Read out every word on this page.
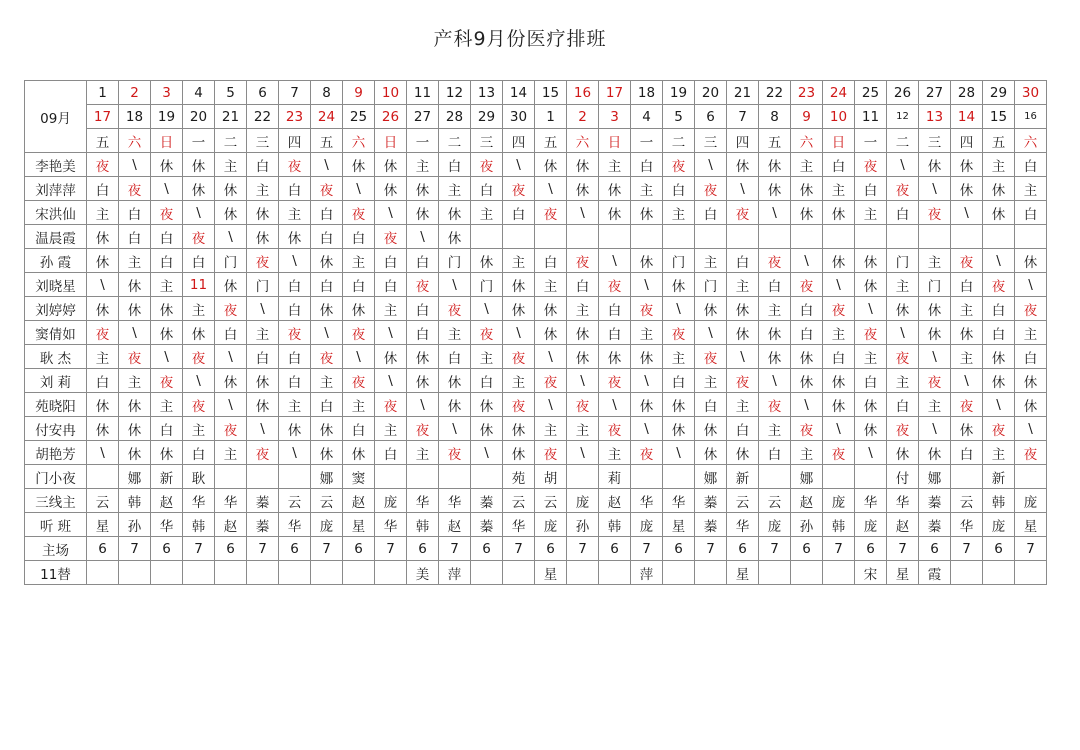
产科9月份医疗排班
09月	1	2	3	4	5	6	7	8	9	10	11	12	13	14	15	16	17	18	19	20	21	22	23	24	25	26	27	28	29	30
	17	18	19	20	21	22	23	24	25	26	27	28	29	30	1	2	3	4	5	6	7	8	9	10	11	12	13	14	15	16
	五	六	日	一	二	三	四	五	六	日	一	二	三	四	五	六	日	一	二	三	四	五	六	日	一	二	三	四	五	六
李艳美	夜	\	休	休	主	白	夜	\	休	休	主	白	夜	\	休	休	主	白	夜	\	休	休	主	白	夜	\	休	休	主	白
刘萍萍	白	夜	\	休	休	主	白	夜	\	休	休	主	白	夜	\	休	休	主	白	夜	\	休	休	主	白	夜	\	休	休	主
宋洪仙	主	白	夜	\	休	休	主	白	夜	\	休	休	主	白	夜	\	休	休	主	白	夜	\	休	休	主	白	夜	\	休	白
温晨霞	休	白	白	夜	\	休	休	白	白	夜	\	休																		
孙 霞	休	主	白	白	门	夜	\	休	主	白	白	门	休	主	白	夜	\	休	门	主	白	夜	\	休	休	门	主	夜	\	休
刘晓星	\	休	主	11	休	门	白	白	白	白	夜	\	门	休	主	白	夜	\	休	门	主	白	夜	\	休	主	门	白	夜	\
刘婷婷	休	休	休	主	夜	\	白	休	休	主	白	夜	\	休	休	主	白	夜	\	休	休	主	白	夜	\	休	休	主	白	夜
窦倩如	夜	\	休	休	白	主	夜	\	夜	\	白	主	夜	\	休	休	白	主	夜	\	休	休	白	主	夜	\	休	休	白	主
耿 杰	主	夜	\	夜	\	白	白	夜	\	休	休	白	主	夜	\	休	休	休	主	夜	\	休	休	白	主	夜	\	主	休	白
刘 莉	白	主	夜	\	休	休	白	主	夜	\	休	休	白	主	夜	\	夜	\	白	主	夜	\	休	休	白	主	夜	\	休	休
苑晓阳	休	休	主	夜	\	休	主	白	主	夜	\	休	休	夜	\	夜	\	休	休	白	主	夜	\	休	休	白	主	夜	\	休
付安冉	休	休	白	主	夜	\	休	休	白	主	夜	\	休	休	主	主	夜	\	休	休	白	主	夜	\	休	夜	\	休	夜	\
胡艳芳	\	休	休	白	主	夜	\	休	休	白	主	夜	\	休	夜	\	主	夜	\	休	休	白	主	夜	\	休	休	白	主	夜
门小夜		娜	新	耿				娜	窦					苑	胡		莉			娜	新		娜			付	娜		新	
三线主	云	韩	赵	华	华	蓁	云	云	赵	庞	华	华	蓁	云	云	庞	赵	华	华	蓁	云	云	赵	庞	华	华	蓁	云	韩	庞
听 班	星	孙	华	韩	赵	蓁	华	庞	星	华	韩	赵	蓁	华	庞	孙	韩	庞	星	蓁	华	庞	孙	韩	庞	赵	蓁	华	庞	星
主场	6	7	6	7	6	7	6	7	6	7	6	7	6	7	6	7	6	7	6	7	6	7	6	7	6	7	6	7	6	7
11替											美	萍			星			萍			星				宋	星	霞			
